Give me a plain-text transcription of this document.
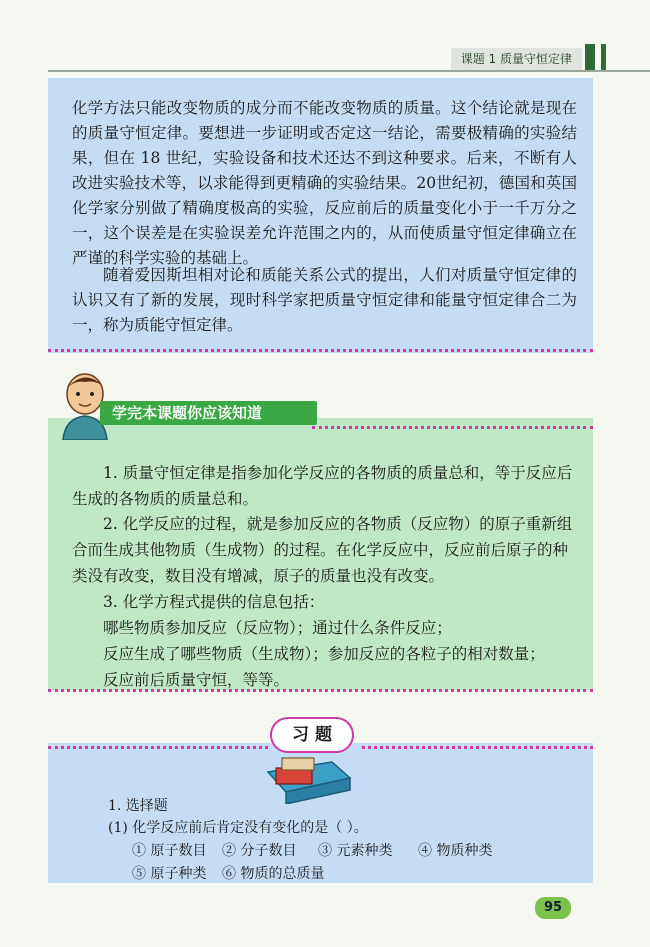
课题 1 质量守恒定律

化学方法只能改变物质的成分而不能改变物质的质量。这个结论就是现在的质量守恒定律。要想进一步证明或否定这一结论，需要极精确的实验结果，但在 18 世纪，实验设备和技术还达不到这种要求。后来，不断有人改进实验技术等，以求能得到更精确的实验结果。20世纪初，德国和英国化学家分别做了精确度极高的实验，反应前后的质量变化小于一千万分之一，这个误差是在实验误差允许范围之内的，从而使质量守恒定律确立在严谨的科学实验的基础上。

随着爱因斯坦相对论和质能关系公式的提出，人们对质量守恒定律的认识又有了新的发展，现时科学家把质量守恒定律和能量守恒定律合二为一，称为质能守恒定律。

学完本课题你应该知道

1. 质量守恒定律是指参加化学反应的各物质的质量总和，等于反应后生成的各物质的质量总和。

2. 化学反应的过程，就是参加反应的各物质（反应物）的原子重新组合而生成其他物质（生成物）的过程。在化学反应中，反应前后原子的种类没有改变，数目没有增减，原子的质量也没有改变。

3. 化学方程式提供的信息包括：

哪些物质参加反应（反应物）；通过什么条件反应；

反应生成了哪些物质（生成物）；参加反应的各粒子的相对数量；

反应前后质量守恒，等等。

习 题

1. 选择题

(1) 化学反应前后肯定没有变化的是（ ）。

① 原子数目 ② 分子数目 ③ 元素种类 ④ 物质种类

⑤ 原子种类 ⑥ 物质的总质量

95
